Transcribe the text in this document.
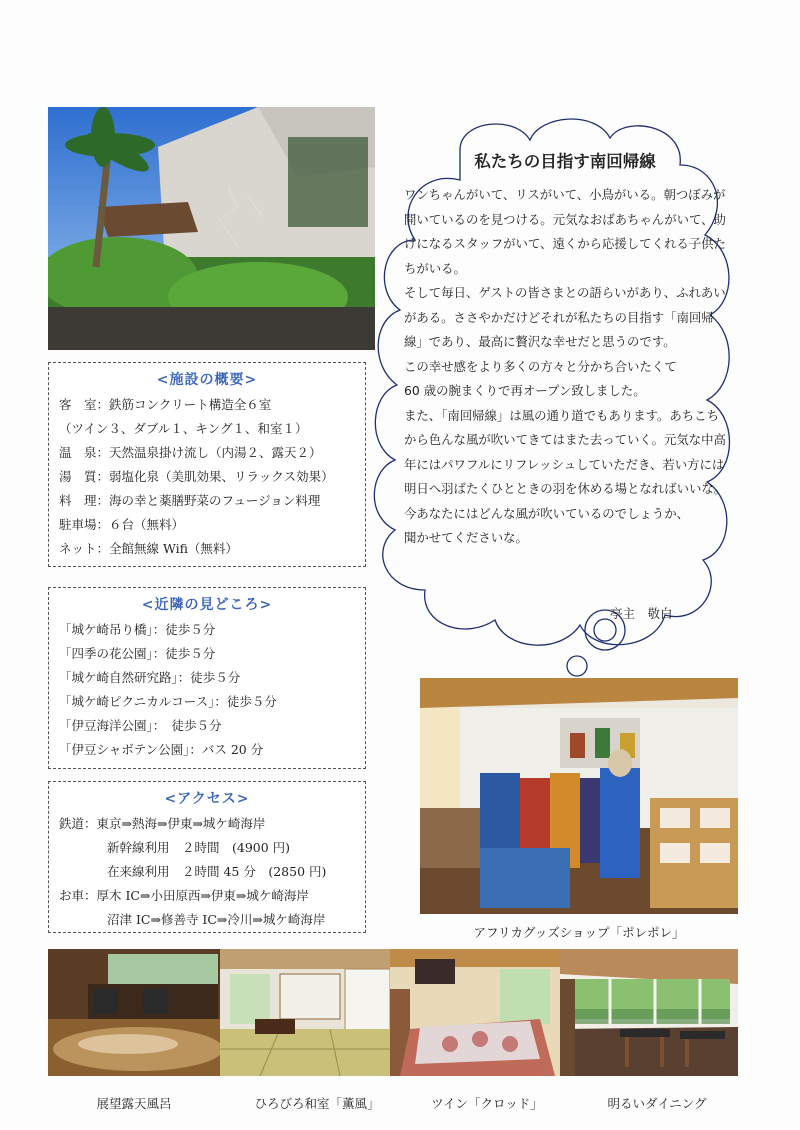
私たちの目指す南回帰線

ワンちゃんがいて、リスがいて、小鳥がいる。朝つぼみが開いているのを見つける。元気なおばあちゃんがいて、助けになるスタッフがいて、遠くから応援してくれる子供たちがいる。

そして毎日、ゲストの皆さまとの語らいがあり、ふれあいがある。ささやかだけどそれが私たちの目指す「南回帰線」であり、最高に贅沢な幸せだと思うのです。

この幸せ感をより多くの方々と分かち合いたくて

60 歳の腕まくりで再オープン致しました。

また、「南回帰線」は風の通り道でもあります。あちこちから色んな風が吹いてきてはまた去っていく。元気な中高年にはパワフルにリフレッシュしていただき、若い方には明日へ羽ばたくひとときの羽を休める場となればいいな。

今あなたにはどんな風が吹いているのでしょうか、

聞かせてくださいな。

亭主　敬白
<施設の概要>
客　室：鉄筋コンクリート構造全６室
（ツイン３、ダブル１、キング１、和室１）
温　泉：天然温泉掛け流し（内湯２、露天２）
湯　質：弱塩化泉（美肌効果、リラックス効果）
料　理：海の幸と薬膳野菜のフュージョン料理
駐車場：６台（無料）
ネット：全館無線 Wifi（無料）
<近隣の見どころ>
「城ケ崎吊り橋」：徒歩５分
「四季の花公園」：徒歩５分
「城ケ崎自然研究路」：徒歩５分
「城ケ崎ピクニカルコース」：徒歩５分
「伊豆海洋公園」：　徒歩５分
「伊豆シャボテン公園」：バス 20 分
<アクセス>
鉄道：東京⇒熱海⇒伊東⇒城ケ崎海岸
新幹線利用　２時間　(4900 円)
在来線利用　２時間 45 分　(2850 円)
お車：厚木 IC⇒小田原西⇒伊東⇒城ケ崎海岸
沼津 IC⇒修善寺 IC⇒冷川⇒城ケ崎海岸
アフリカグッズショップ「ポレポレ」
展望露天風呂	ひろびろ和室「薫風」	ツイン「クロッド」	明るいダイニング
